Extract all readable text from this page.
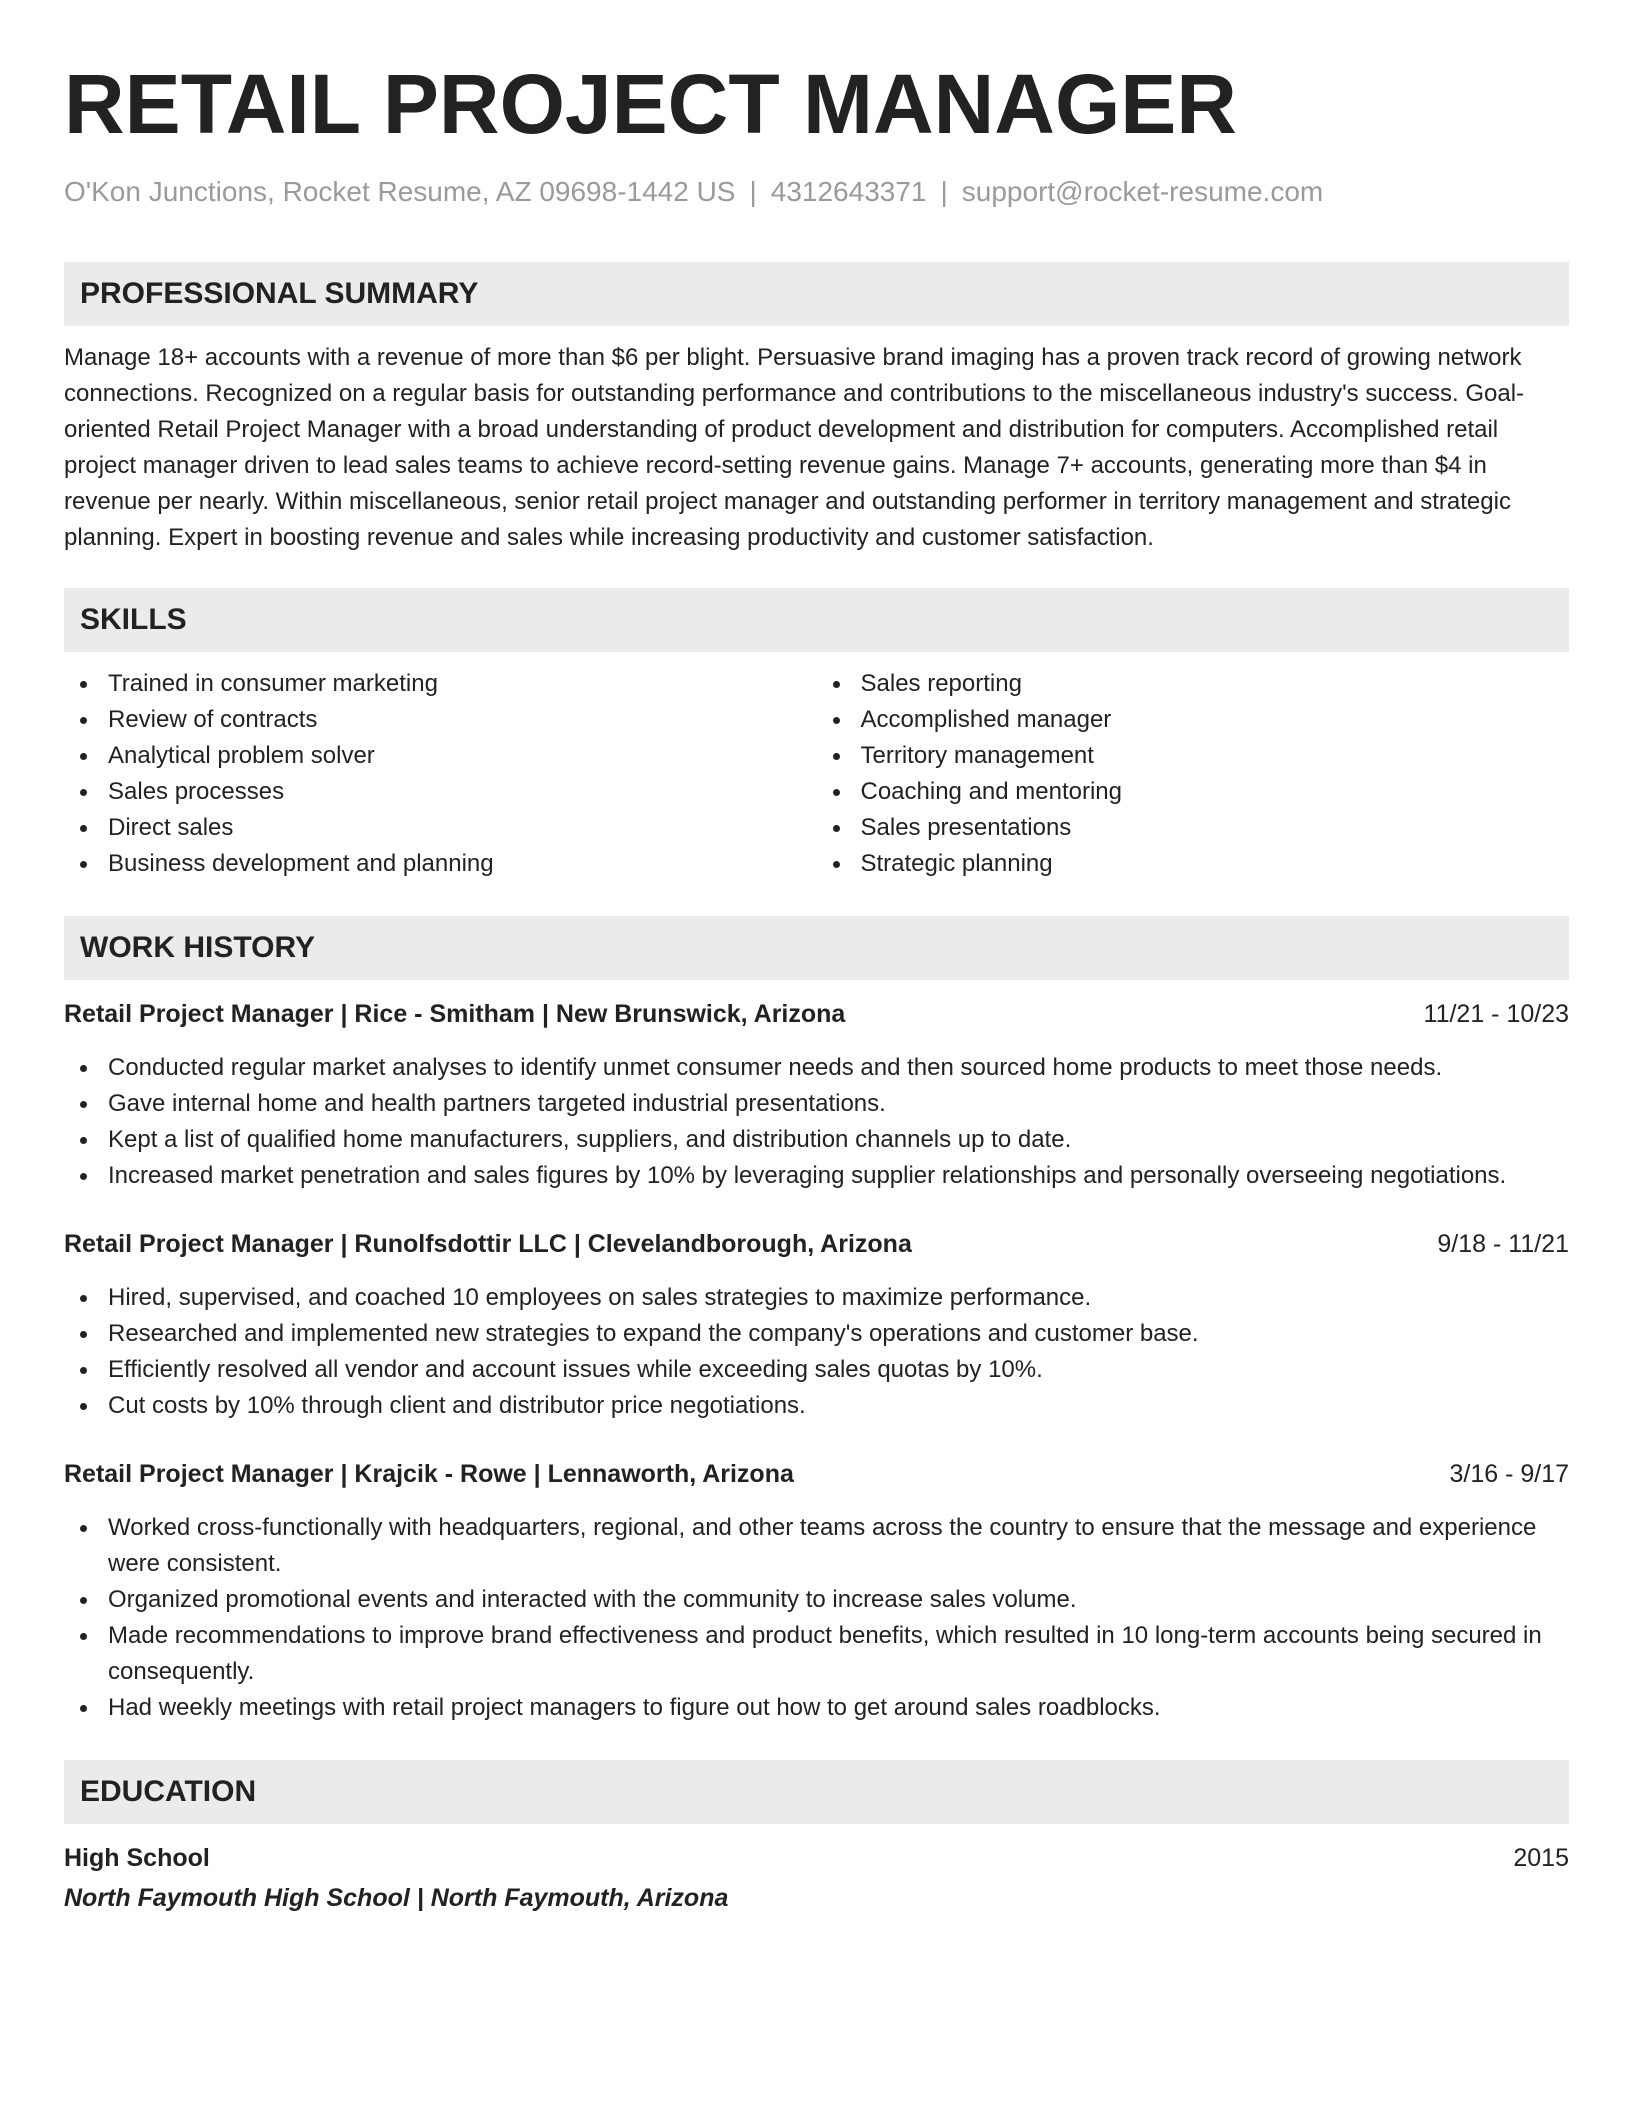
RETAIL PROJECT MANAGER
O'Kon Junctions, Rocket Resume, AZ 09698-1442 US | 4312643371 | support@rocket-resume.com
PROFESSIONAL SUMMARY
Manage 18+ accounts with a revenue of more than $6 per blight. Persuasive brand imaging has a proven track record of growing network connections. Recognized on a regular basis for outstanding performance and contributions to the miscellaneous industry's success. Goal-oriented Retail Project Manager with a broad understanding of product development and distribution for computers. Accomplished retail project manager driven to lead sales teams to achieve record-setting revenue gains. Manage 7+ accounts, generating more than $4 in revenue per nearly. Within miscellaneous, senior retail project manager and outstanding performer in territory management and strategic planning. Expert in boosting revenue and sales while increasing productivity and customer satisfaction.
SKILLS
Trained in consumer marketing
Review of contracts
Analytical problem solver
Sales processes
Direct sales
Business development and planning
Sales reporting
Accomplished manager
Territory management
Coaching and mentoring
Sales presentations
Strategic planning
WORK HISTORY
Retail Project Manager | Rice - Smitham | New Brunswick, Arizona	11/21 - 10/23
Conducted regular market analyses to identify unmet consumer needs and then sourced home products to meet those needs.
Gave internal home and health partners targeted industrial presentations.
Kept a list of qualified home manufacturers, suppliers, and distribution channels up to date.
Increased market penetration and sales figures by 10% by leveraging supplier relationships and personally overseeing negotiations.
Retail Project Manager | Runolfsdottir LLC | Clevelandborough, Arizona	9/18 - 11/21
Hired, supervised, and coached 10 employees on sales strategies to maximize performance.
Researched and implemented new strategies to expand the company's operations and customer base.
Efficiently resolved all vendor and account issues while exceeding sales quotas by 10%.
Cut costs by 10% through client and distributor price negotiations.
Retail Project Manager | Krajcik - Rowe | Lennaworth, Arizona	3/16 - 9/17
Worked cross-functionally with headquarters, regional, and other teams across the country to ensure that the message and experience were consistent.
Organized promotional events and interacted with the community to increase sales volume.
Made recommendations to improve brand effectiveness and product benefits, which resulted in 10 long-term accounts being secured in consequently.
Had weekly meetings with retail project managers to figure out how to get around sales roadblocks.
EDUCATION
High School	2015
North Faymouth High School | North Faymouth, Arizona
